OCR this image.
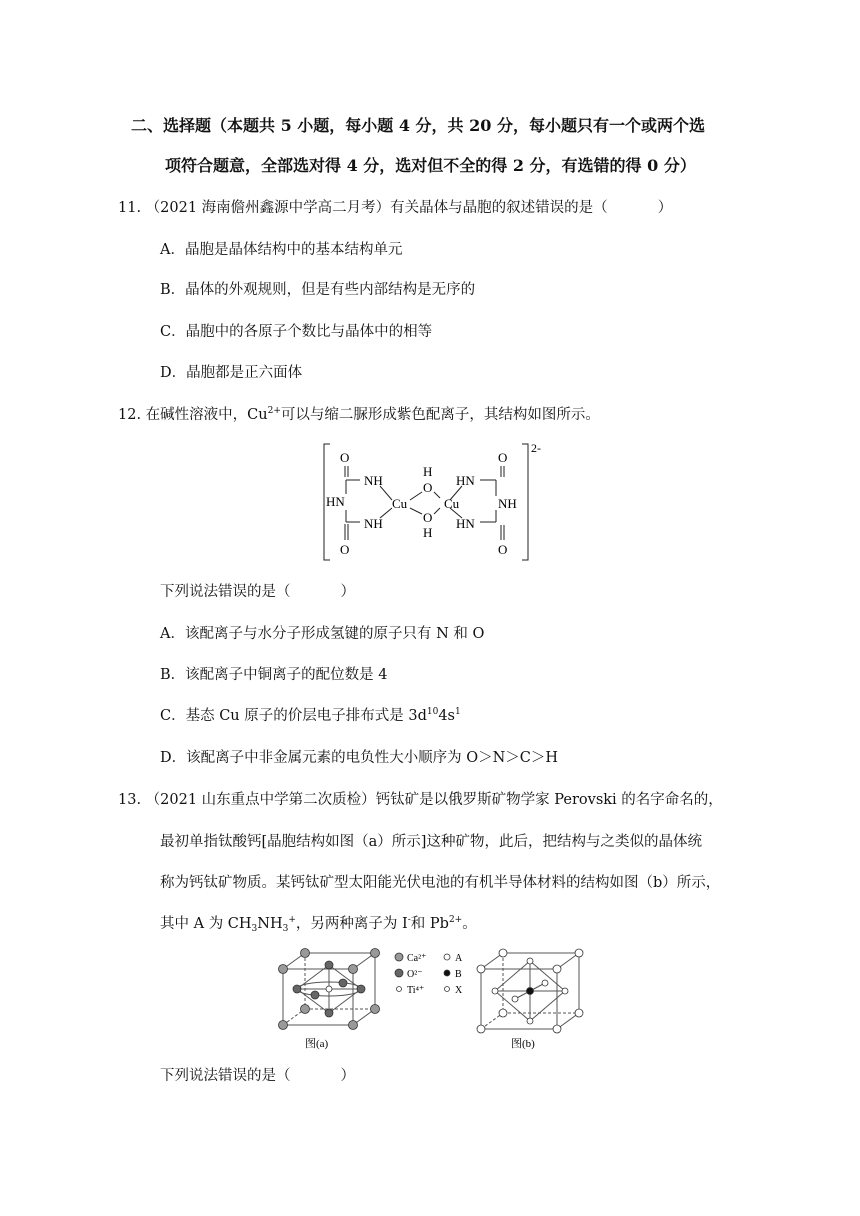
二、选择题（本题共 5 小题，每小题 4 分，共 20 分，每小题只有一个或两个选
项符合题意，全部选对得 4 分，选对但不全的得 2 分，有选错的得 0 分）
11. （2021 海南儋州鑫源中学高二月考）有关晶体与晶胞的叙述错误的是（	）
A．晶胞是晶体结构中的基本结构单元
B．晶体的外观规则，但是有些内部结构是无序的
C．晶胞中的各原子个数比与晶体中的相等
D．晶胞都是正六面体
12. 在碱性溶液中，$Cu^{2+}$可以与缩二脲形成紫色配离子，其结构如图所示。
2-
O
NH
HN
NH
O
H
O
O
H
Cu	Cu
O
HN
NH
HN
O
下列说法错误的是（	）
A．该配离子与水分子形成氢键的原子只有 N 和 O
B．该配离子中铜离子的配位数是 4
C．基态 Cu 原子的价层电子排布式是 $3d^{10}4s^1$
D．该配离子中非金属元素的电负性大小顺序为 O＞N＞C＞H
13. （2021 山东重点中学第二次质检）钙钛矿是以俄罗斯矿物学家 Perovski 的名字命名的，
最初单指钛酸钙[晶胞结构如图（a）所示]这种矿物，此后，把结构与之类似的晶体统
称为钙钛矿物质。某钙钛矿型太阳能光伏电池的有机半导体材料的结构如图（b）所示，
其中 A 为 $CH_3NH_3^+$，另两种离子为 I-和 $Pb^{2+}$。
Ca²⁺
O²⁻
Ti⁴⁺
A
B
X
图(a)	图(b)
下列说法错误的是（	）
